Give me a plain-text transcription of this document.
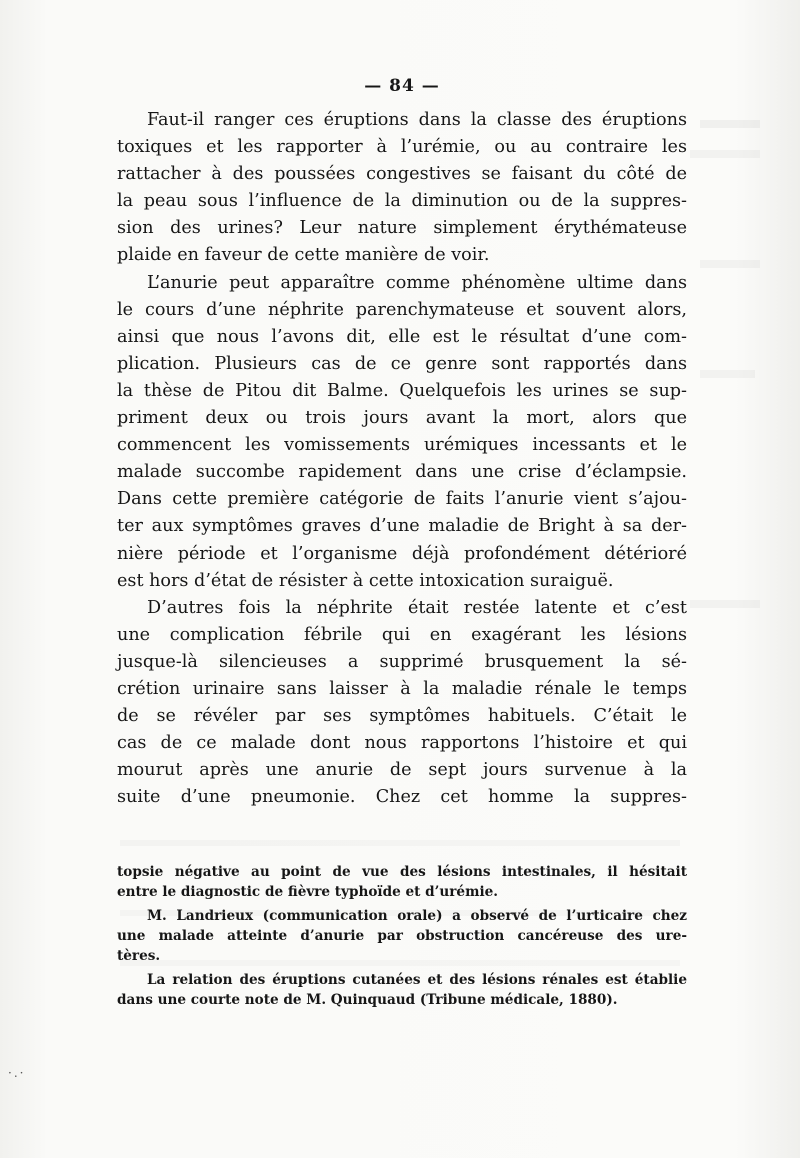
— 84 —
Faut-il ranger ces éruptions dans la classe des éruptions
toxiques et les rapporter à l’urémie, ou au contraire les
rattacher à des poussées congestives se faisant du côté de
la peau sous l’influence de la diminution ou de la suppres-
sion des urines? Leur nature simplement érythémateuse
plaide en faveur de cette manière de voir.
L’anurie peut apparaître comme phénomène ultime dans
le cours d’une néphrite parenchymateuse et souvent alors,
ainsi que nous l’avons dit, elle est le résultat d’une com-
plication. Plusieurs cas de ce genre sont rapportés dans
la thèse de Pitou dit Balme. Quelquefois les urines se sup-
priment deux ou trois jours avant la mort, alors que
commencent les vomissements urémiques incessants et le
malade succombe rapidement dans une crise d’éclampsie.
Dans cette première catégorie de faits l’anurie vient s’ajou-
ter aux symptômes graves d’une maladie de Bright à sa der-
nière période et l’organisme déjà profondément détérioré
est hors d’état de résister à cette intoxication suraiguë.
D’autres fois la néphrite était restée latente et c’est
une complication fébrile qui en exagérant les lésions
jusque-là silencieuses a supprimé brusquement la sé-
crétion urinaire sans laisser à la maladie rénale le temps
de se révéler par ses symptômes habituels. C’était le
cas de ce malade dont nous rapportons l’histoire et qui
mourut après une anurie de sept jours survenue à la
suite d’une pneumonie. Chez cet homme la suppres-
topsie négative au point de vue des lésions intestinales, il hésitait
entre le diagnostic de fièvre typhoïde et d’urémie.
M. Landrieux (communication orale) a observé de l’urticaire chez
une malade atteinte d’anurie par obstruction cancéreuse des ure-
tères.
La relation des éruptions cutanées et des lésions rénales est établie
dans une courte note de M. Quinquaud (Tribune médicale, 1880).
·.·
